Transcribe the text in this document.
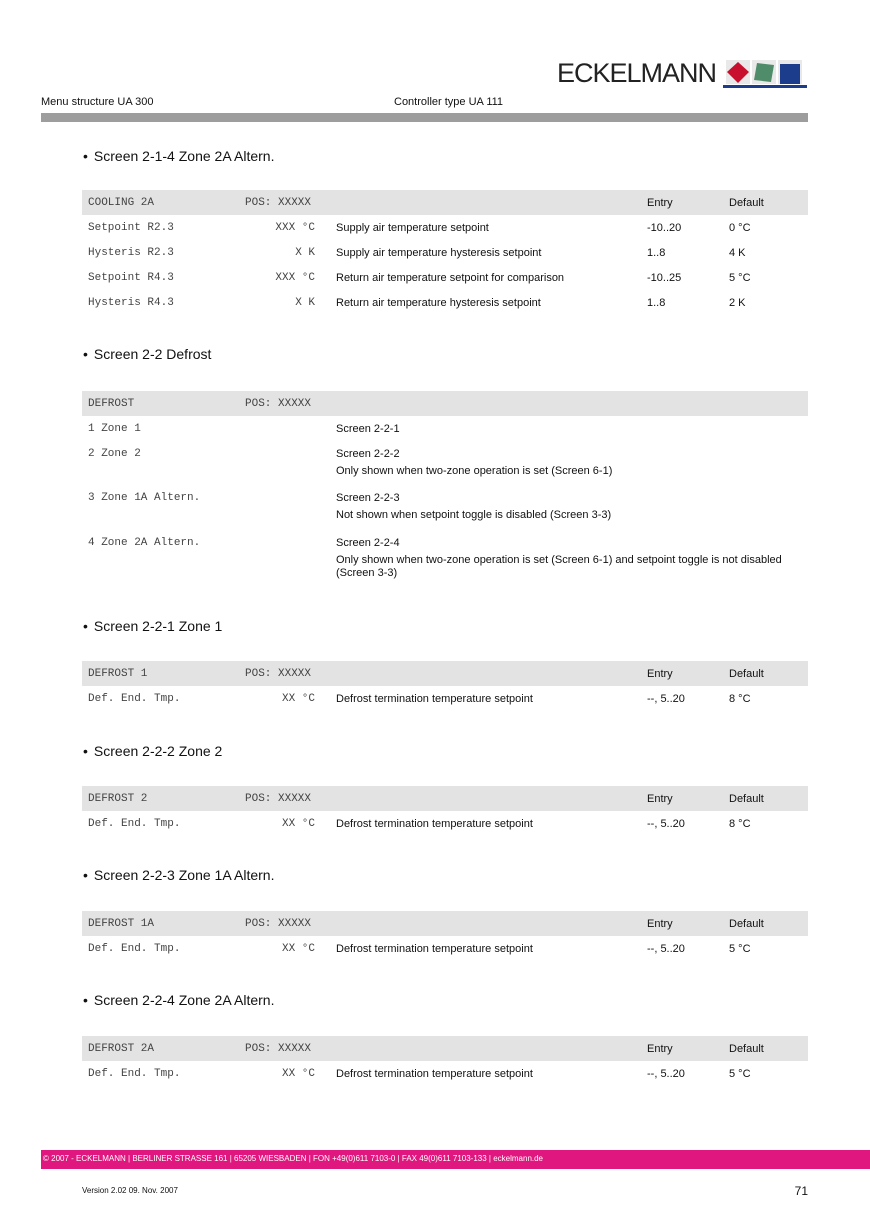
ECKELMANN
Menu structure UA 300	Controller type UA 111
• Screen 2-1-4 Zone 2A Altern.
COOLING 2A	POS: XXXXX	Entry	Default
Setpoint R2.3	XXX °C Supply air temperature setpoint	-10..20	0 °C
Hysteris R2.3	X K Supply air temperature hysteresis setpoint	1..8	4 K
Setpoint R4.3	XXX °C Return air temperature setpoint for comparison	-10..25	5 °C
Hysteris R4.3	X K Return air temperature hysteresis setpoint	1..8	2 K
• Screen 2-2 Defrost
DEFROST	POS: XXXXX
1 Zone 1	Screen 2-2-1
2 Zone 2	Screen 2-2-2
Only shown when two-zone operation is set (Screen 6-1)
3 Zone 1A Altern.	Screen 2-2-3
Not shown when setpoint toggle is disabled (Screen 3-3)
4 Zone 2A Altern.	Screen 2-2-4
Only shown when two-zone operation is set (Screen 6-1) and setpoint toggle is not disabled (Screen 3-3)
• Screen 2-2-1 Zone 1
DEFROST 1	POS: XXXXX	Entry	Default
Def. End. Tmp.	XX °C Defrost termination temperature setpoint	--, 5..20	8 °C
• Screen 2-2-2 Zone 2
DEFROST 2	POS: XXXXX	Entry	Default
Def. End. Tmp.	XX °C Defrost termination temperature setpoint	--, 5..20	8 °C
• Screen 2-2-3 Zone 1A Altern.
DEFROST 1A	POS: XXXXX	Entry	Default
Def. End. Tmp.	XX °C Defrost termination temperature setpoint	--, 5..20	5 °C
• Screen 2-2-4 Zone 2A Altern.
DEFROST 2A	POS: XXXXX	Entry	Default
Def. End. Tmp.	XX °C Defrost termination temperature setpoint	--, 5..20	5 °C
© 2007 - ECKELMANN | BERLINER STRASSE 161 | 65205 WIESBADEN | FON +49(0)611 7103-0 | FAX 49(0)611 7103-133 | eckelmann.de
Version 2.02 09. Nov. 2007	71
